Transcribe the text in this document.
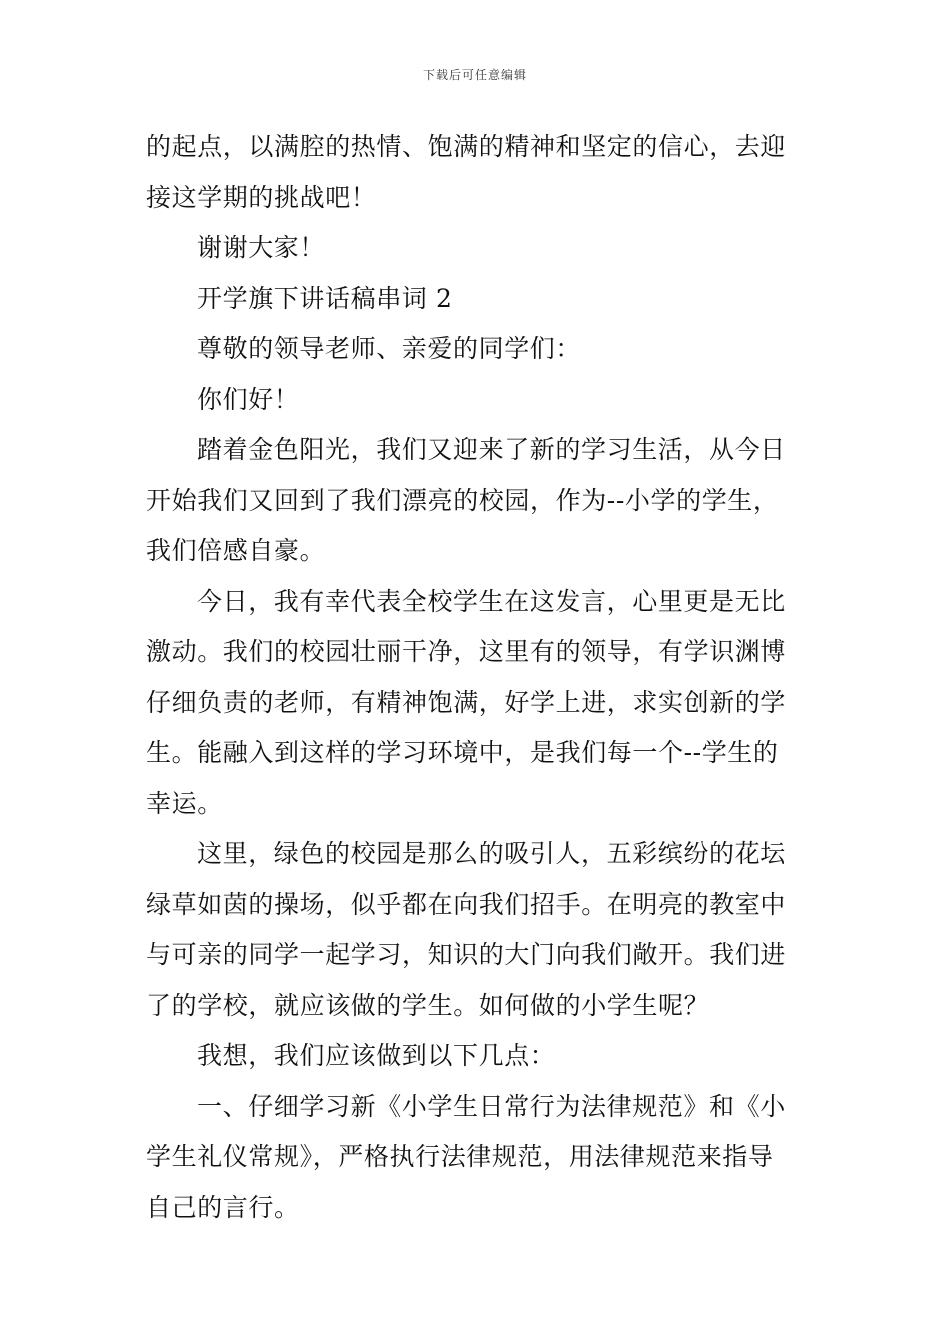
下载后可任意编辑
的起点，以满腔的热情、饱满的精神和坚定的信心，去迎
接这学期的挑战吧！
谢谢大家！
开学旗下讲话稿串词 2
尊敬的领导老师、亲爱的同学们：
你们好！
踏着金色阳光，我们又迎来了新的学习生活，从今日
开始我们又回到了我们漂亮的校园，作为--小学的学生，
我们倍感自豪。
今日，我有幸代表全校学生在这发言，心里更是无比
激动。我们的校园壮丽干净，这里有的领导，有学识渊博
仔细负责的老师，有精神饱满，好学上进，求实创新的学
生。能融入到这样的学习环境中，是我们每一个--学生的
幸运。
这里，绿色的校园是那么的吸引人，五彩缤纷的花坛
绿草如茵的操场，似乎都在向我们招手。在明亮的教室中
与可亲的同学一起学习，知识的大门向我们敞开。我们进
了的学校，就应该做的学生。如何做的小学生呢？
我想，我们应该做到以下几点：
一、仔细学习新《小学生日常行为法律规范》和《小
学生礼仪常规》，严格执行法律规范，用法律规范来指导
自己的言行。
